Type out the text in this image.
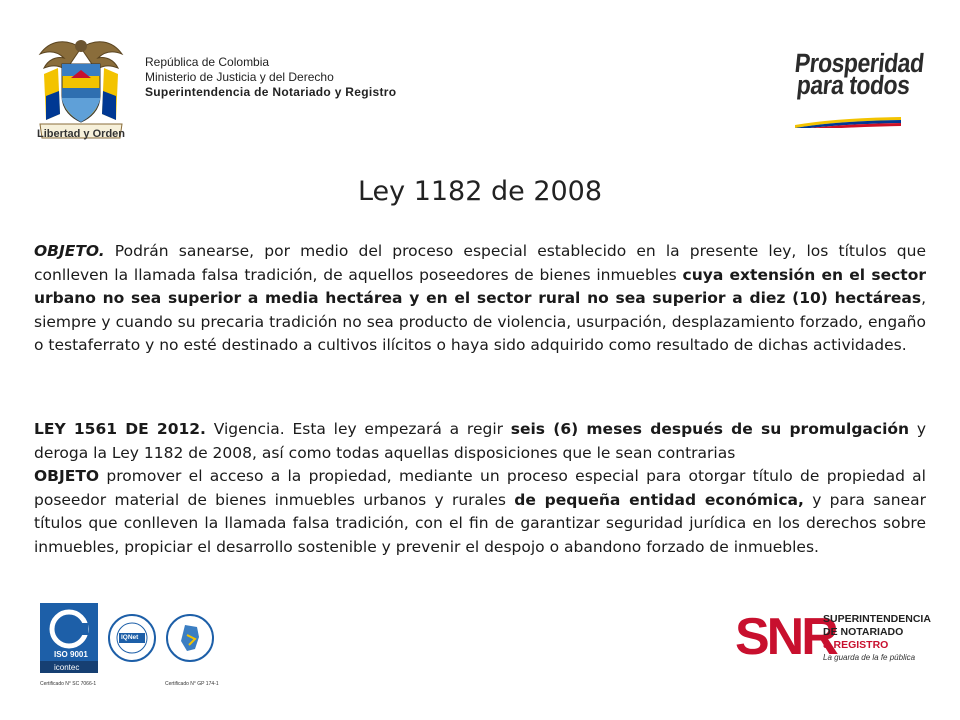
Libertad y Orden
República de Colombia
Ministerio de Justicia y del Derecho
Superintendencia de Notariado y Registro
Prosperidad
para todos
Ley 1182 de 2008
OBJETO. Podrán sanearse, por medio del proceso especial establecido en la presente ley, los títulos que conlleven la llamada falsa tradición, de aquellos poseedores de bienes inmuebles cuya extensión en el sector urbano no sea superior a media hectárea y en el sector rural no sea superior a diez (10) hectáreas, siempre y cuando su precaria tradición no sea producto de violencia, usurpación, desplazamiento forzado, engaño o testaferrato y no esté destinado a cultivos ilícitos o haya sido adquirido como resultado de dichas actividades.
LEY 1561 DE 2012. Vigencia. Esta ley empezará a regir seis (6) meses después de su promulgación y deroga la Ley 1182 de 2008, así como todas aquellas disposiciones que le sean contrarias
OBJETO promover el acceso a la propiedad, mediante un proceso especial para otorgar título de propiedad al poseedor material de bienes inmuebles urbanos y rurales de pequeña entidad económica, y para sanear títulos que conlleven la llamada falsa tradición, con el fin de garantizar seguridad jurídica en los derechos sobre inmuebles, propiciar el desarrollo sostenible y prevenir el despojo o abandono forzado de inmuebles.
ISO 9001
icontec
IQNet
Certificado N° SC 7066-1	Certificado N° GP 174-1
SNR
SUPERINTENDENCIA
DE NOTARIADO
& REGISTRO
La guarda de la fe pública
